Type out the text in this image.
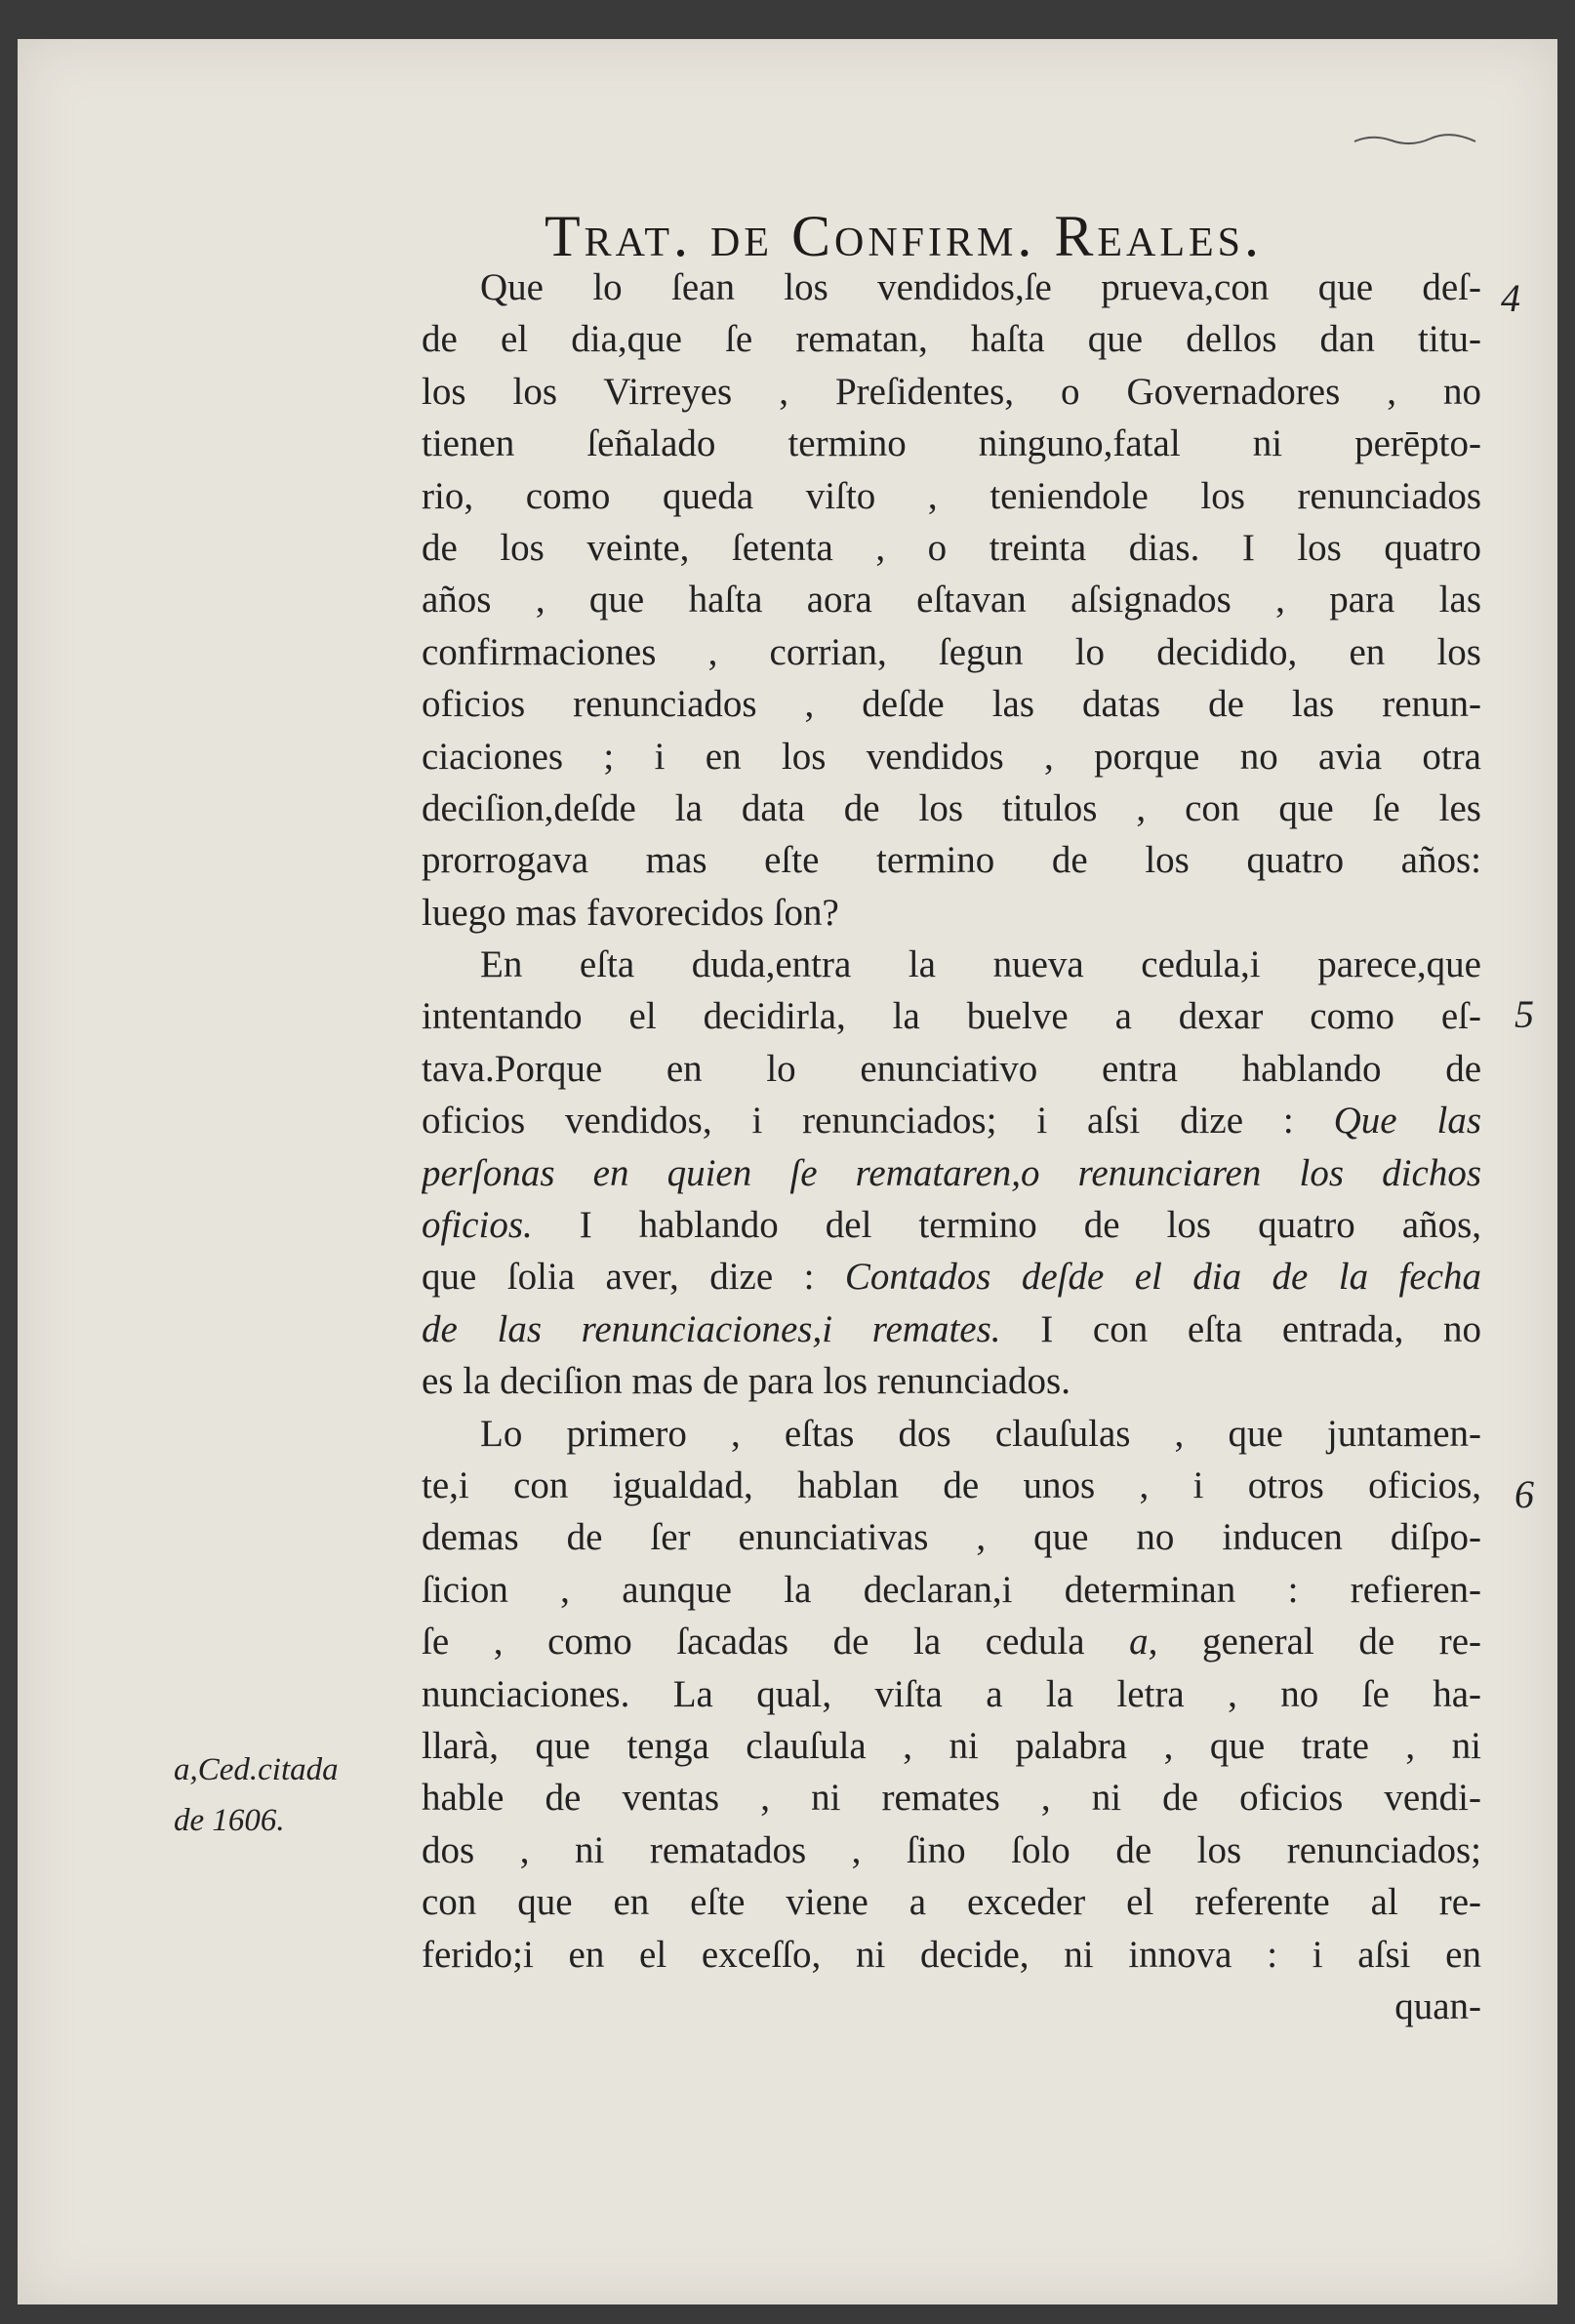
Trat. de Confirm. Reales.
4
5
6
a,Ced.citada
de 1606.
Que lo ſean los vendidos,ſe prueva,con que deſ-
de el dia,que ſe rematan, haſta que dellos dan titu-
los los Virreyes , Preſidentes, o Governadores , no
tienen ſeñalado termino ninguno,fatal ni perēpto-
rio, como queda viſto , teniendole los renunciados
de los veinte, ſetenta , o treinta dias. I los quatro
años , que haſta aora eſtavan aſsignados , para las
confirmaciones , corrian, ſegun lo decidido, en los
oficios renunciados , deſde las datas de las renun-
ciaciones ; i en los vendidos , porque no avia otra
deciſion,deſde la data de los titulos , con que ſe les
prorrogava mas eſte termino de los quatro años:
luego mas favorecidos ſon?
En eſta duda,entra la nueva cedula,i parece,que
intentando el decidirla, la buelve a dexar como eſ-
tava.Porque en lo enunciativo entra hablando de
oficios vendidos, i renunciados; i aſsi dize : Que las
perſonas en quien ſe remataren,o renunciaren los dichos
oficios. I hablando del termino de los quatro años,
que ſolia aver, dize : Contados deſde el dia de la fecha
de las renunciaciones,i remates. I con eſta entrada, no
es la deciſion mas de para los renunciados.
Lo primero , eſtas dos clauſulas , que juntamen-
te,i con igualdad, hablan de unos , i otros oficios,
demas de ſer enunciativas , que no inducen diſpo-
ſicion , aunque la declaran,i determinan : refieren-
ſe , como ſacadas de la cedula a, general de re-
nunciaciones. La qual, viſta a la letra , no ſe ha-
llarà, que tenga clauſula , ni palabra , que trate , ni
hable de ventas , ni remates , ni de oficios vendi-
dos , ni rematados , ſino ſolo de los renunciados;
con que en eſte viene a exceder el referente al re-
ferido;i en el exceſſo, ni decide, ni innova : i aſsi en
quan-
